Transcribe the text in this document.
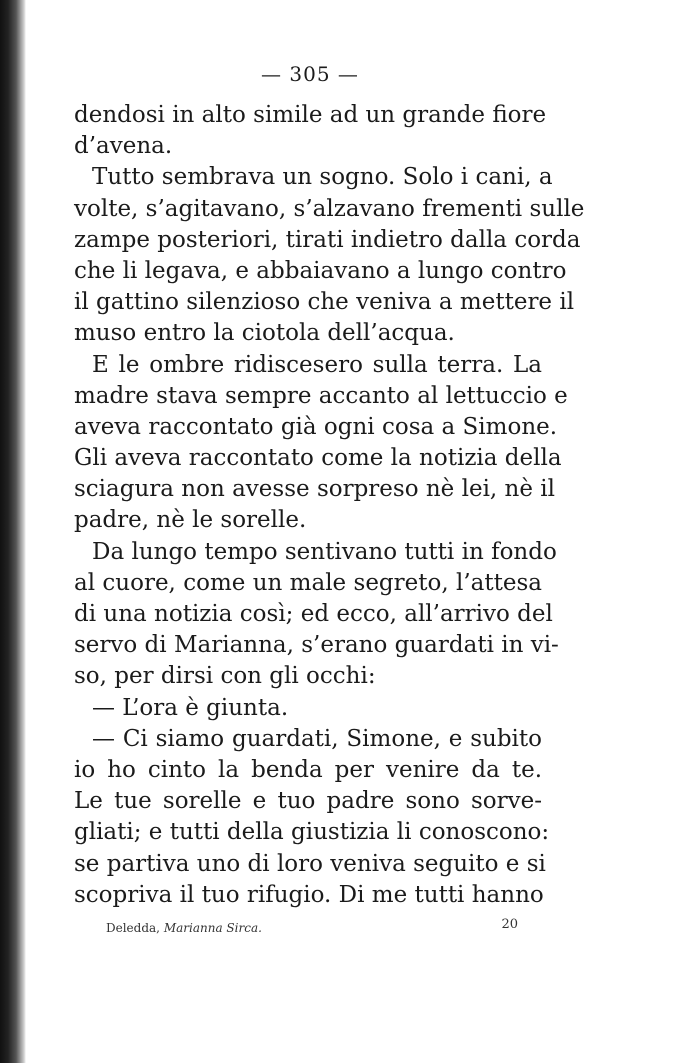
— 305 —
dendosi in alto simile ad un grande fiore
d’avena.
Tutto sembrava un sogno. Solo i cani, a
volte, s’agitavano, s’alzavano frementi sulle
zampe posteriori, tirati indietro dalla corda
che li legava, e abbaiavano a lungo contro
il gattino silenzioso che veniva a mettere il
muso entro la ciotola dell’acqua.
E le ombre ridiscesero sulla terra. La
madre stava sempre accanto al lettuccio e
aveva raccontato già ogni cosa a Simone.
Gli aveva raccontato come la notizia della
sciagura non avesse sorpreso nè lei, nè il
padre, nè le sorelle.
Da lungo tempo sentivano tutti in fondo
al cuore, come un male segreto, l’attesa
di una notizia così; ed ecco, all’arrivo del
servo di Marianna, s’erano guardati in vi-
so, per dirsi con gli occhi:
— L’ora è giunta.
— Ci siamo guardati, Simone, e subito
io ho cinto la benda per venire da te.
Le tue sorelle e tuo padre sono sorve-
gliati; e tutti della giustizia li conoscono:
se partiva uno di loro veniva seguito e si
scopriva il tuo rifugio. Di me tutti hanno
Deledda, Marianna Sirca.	20
